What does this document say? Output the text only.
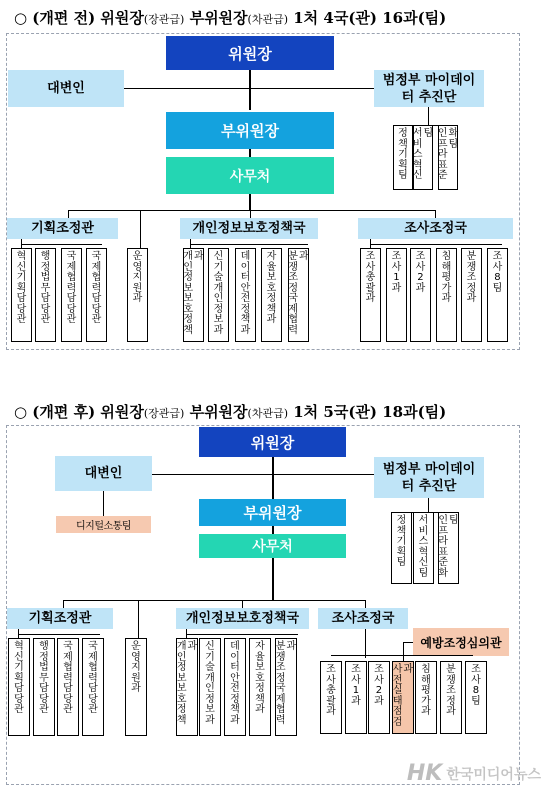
○ (개편 전) 위원장(장관급) 부위원장(차관급) 1처 4국(관) 16과(팀)
위원장
대변인
범정부 마이데이터 추진단
부위원장
사무처
기획조정관	개인정보보호정책국	조사조정국
정
책
기
획
팀
서
비
스
혁
신
팀 인
프
라
표
준
화
팀
혁
신
기
획
담
당
관
행
정
법
무
담
당
관
국
제
협
력
담
당
관
국
제
협
력
담
당
관
운
영
지
원
과
개
인
정
보
보
호
정
책
과 신
기
술
개
인
정
보
과
데
이
터
안
전
정
책
과
자
율
보
호
정
책
과
분
쟁
조
정
국
제
협
력
과	조
사
총
괄
과
조
사
1
과
조
사
2
과
침
해
평
가
과
분
쟁
조
정
과
조
사
8
팀
○ (개편 후) 위원장(장관급) 부위원장(차관급) 1처 5국(관) 18과(팀)
위원장
대변인
디지털소통팀
범정부 마이데이터 추진단
부위원장
사무처
기획조정관	개인정보보호정책국	조사조정국
예방조정심의관
정
책
기
획
팀
서
비
스
혁
신
팀
인
프
라
표
준
화
팀
혁
신
기
획
담
당
관
행
정
법
무
담
당
관
국
제
협
력
담
당
관
국
제
협
력
담
당
관
운
영
지
원
과
개
인
정
보
보
호
정
책
과 신
기
술
개
인
정
보
과
데
이
터
안
전
정
책
과
자
율
보
호
정
책
과
분
쟁
조
정
국
제
협
력
과
조
사
총
괄
과
조
사
1
과
조
사
2
과
사
전
실
태
점
검
과 침
해
평
가
과
분
쟁
조
정
과
조
사
8
팀
HK 한국미디어뉴스
